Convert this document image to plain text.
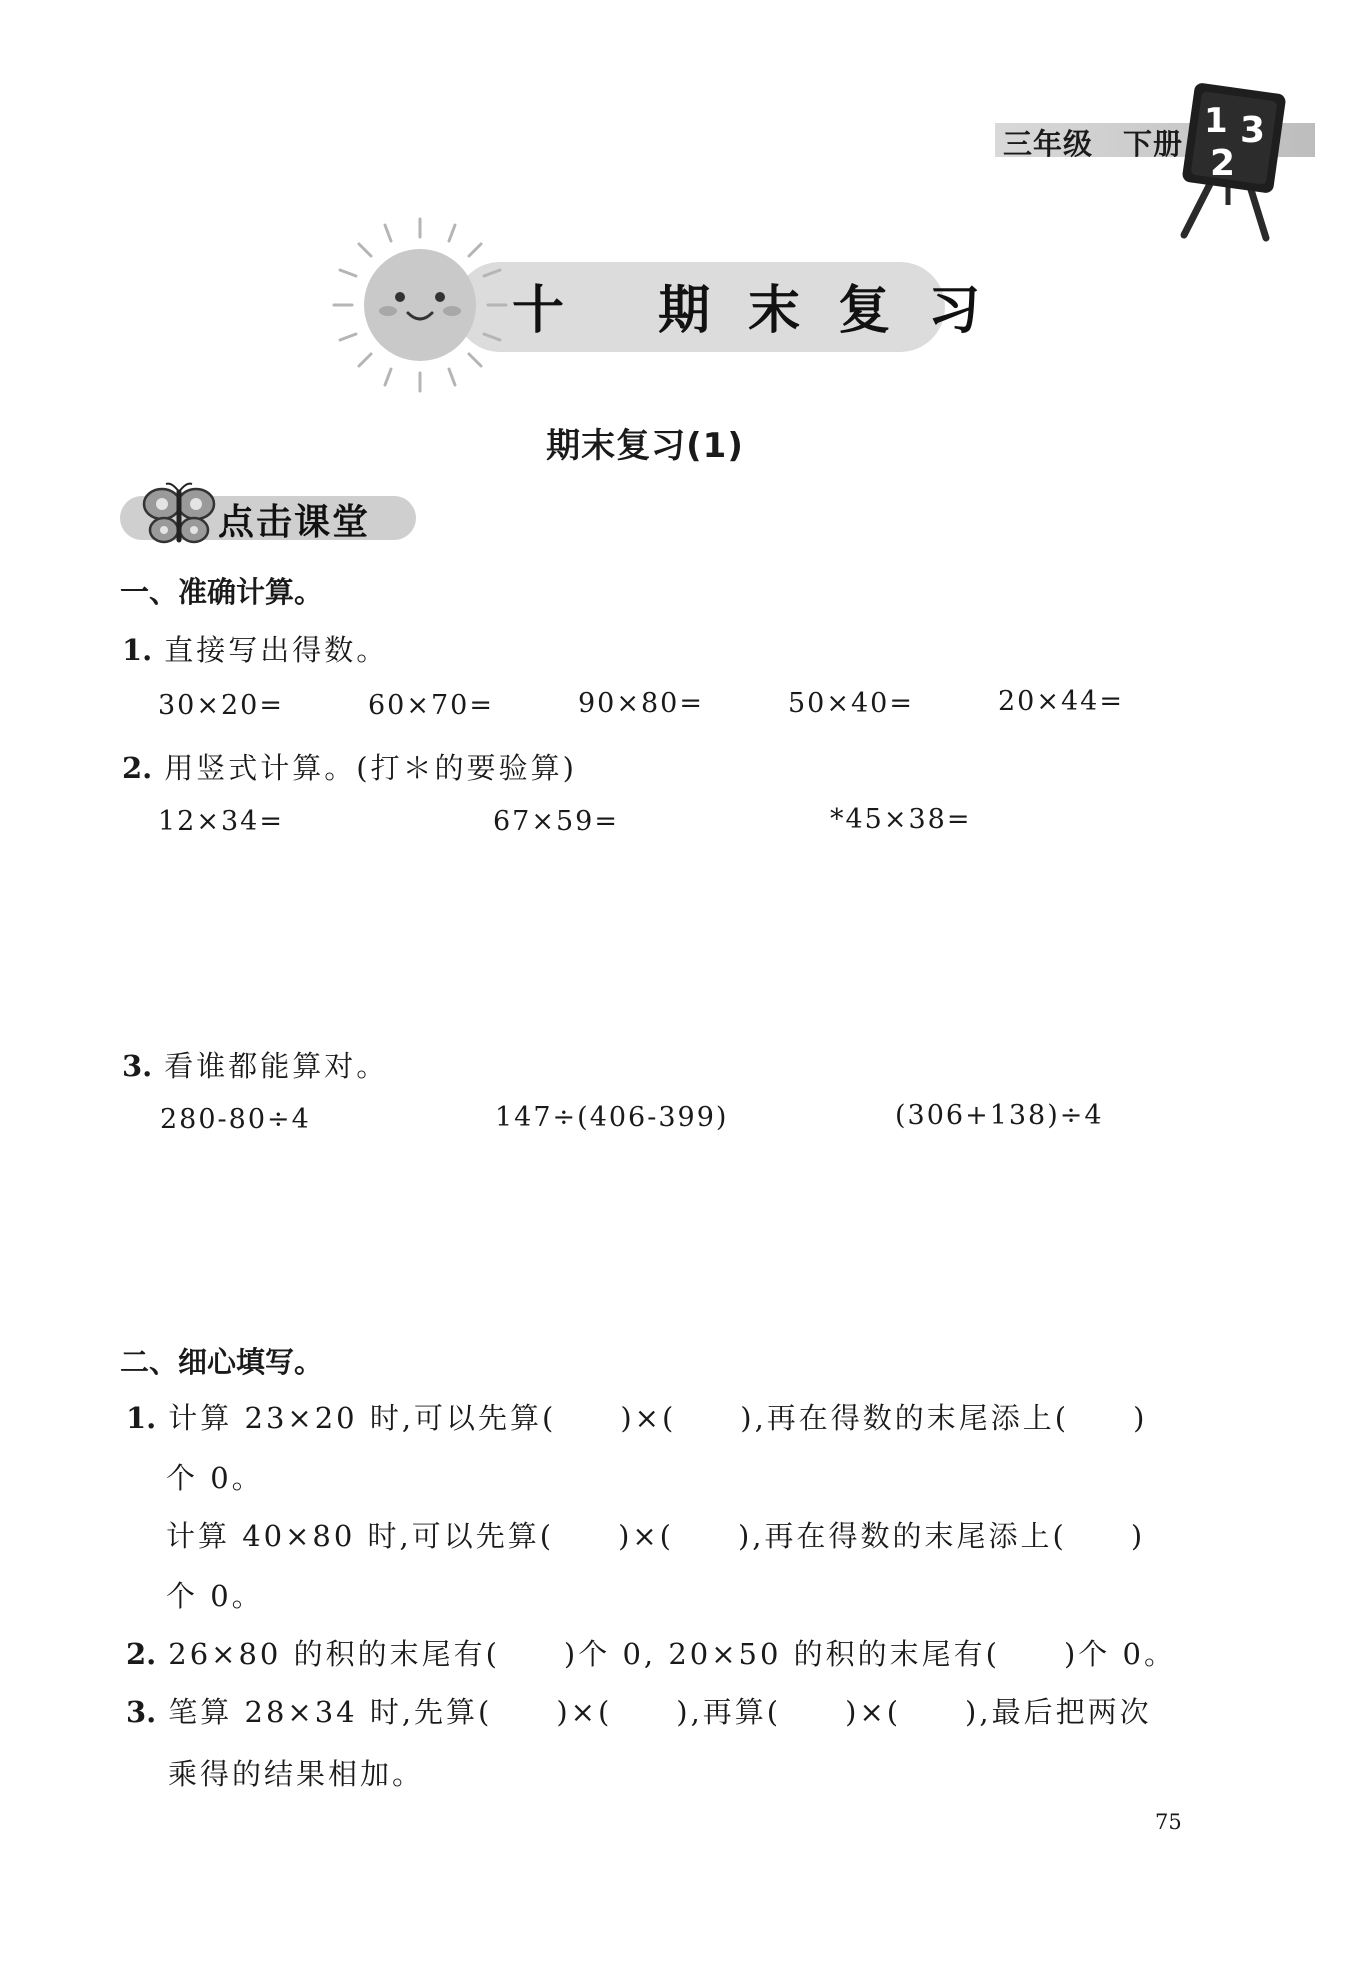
三年级 下册
1 3
2
十 期末复习
期末复习(1)
点击课堂
一、准确计算。
1. 直接写出得数。
30×20=	60×70=	90×80=	50×40=	20×44=
2. 用竖式计算。(打＊的要验算)
12×34=	67×59=	*45×38=
3. 看谁都能算对。
280-80÷4	147÷(406-399)	(306+138)÷4
二、细心填写。
1. 计算 23×20 时,可以先算(　　)×(　　),再在得数的末尾添上(　　)
个 0。
计算 40×80 时,可以先算(　　)×(　　),再在得数的末尾添上(　　)
个 0。
2. 26×80 的积的末尾有(　　)个 0, 20×50 的积的末尾有(　　)个 0。
3. 笔算 28×34 时,先算(　　)×(　　),再算(　　)×(　　),最后把两次
乘得的结果相加。
75
